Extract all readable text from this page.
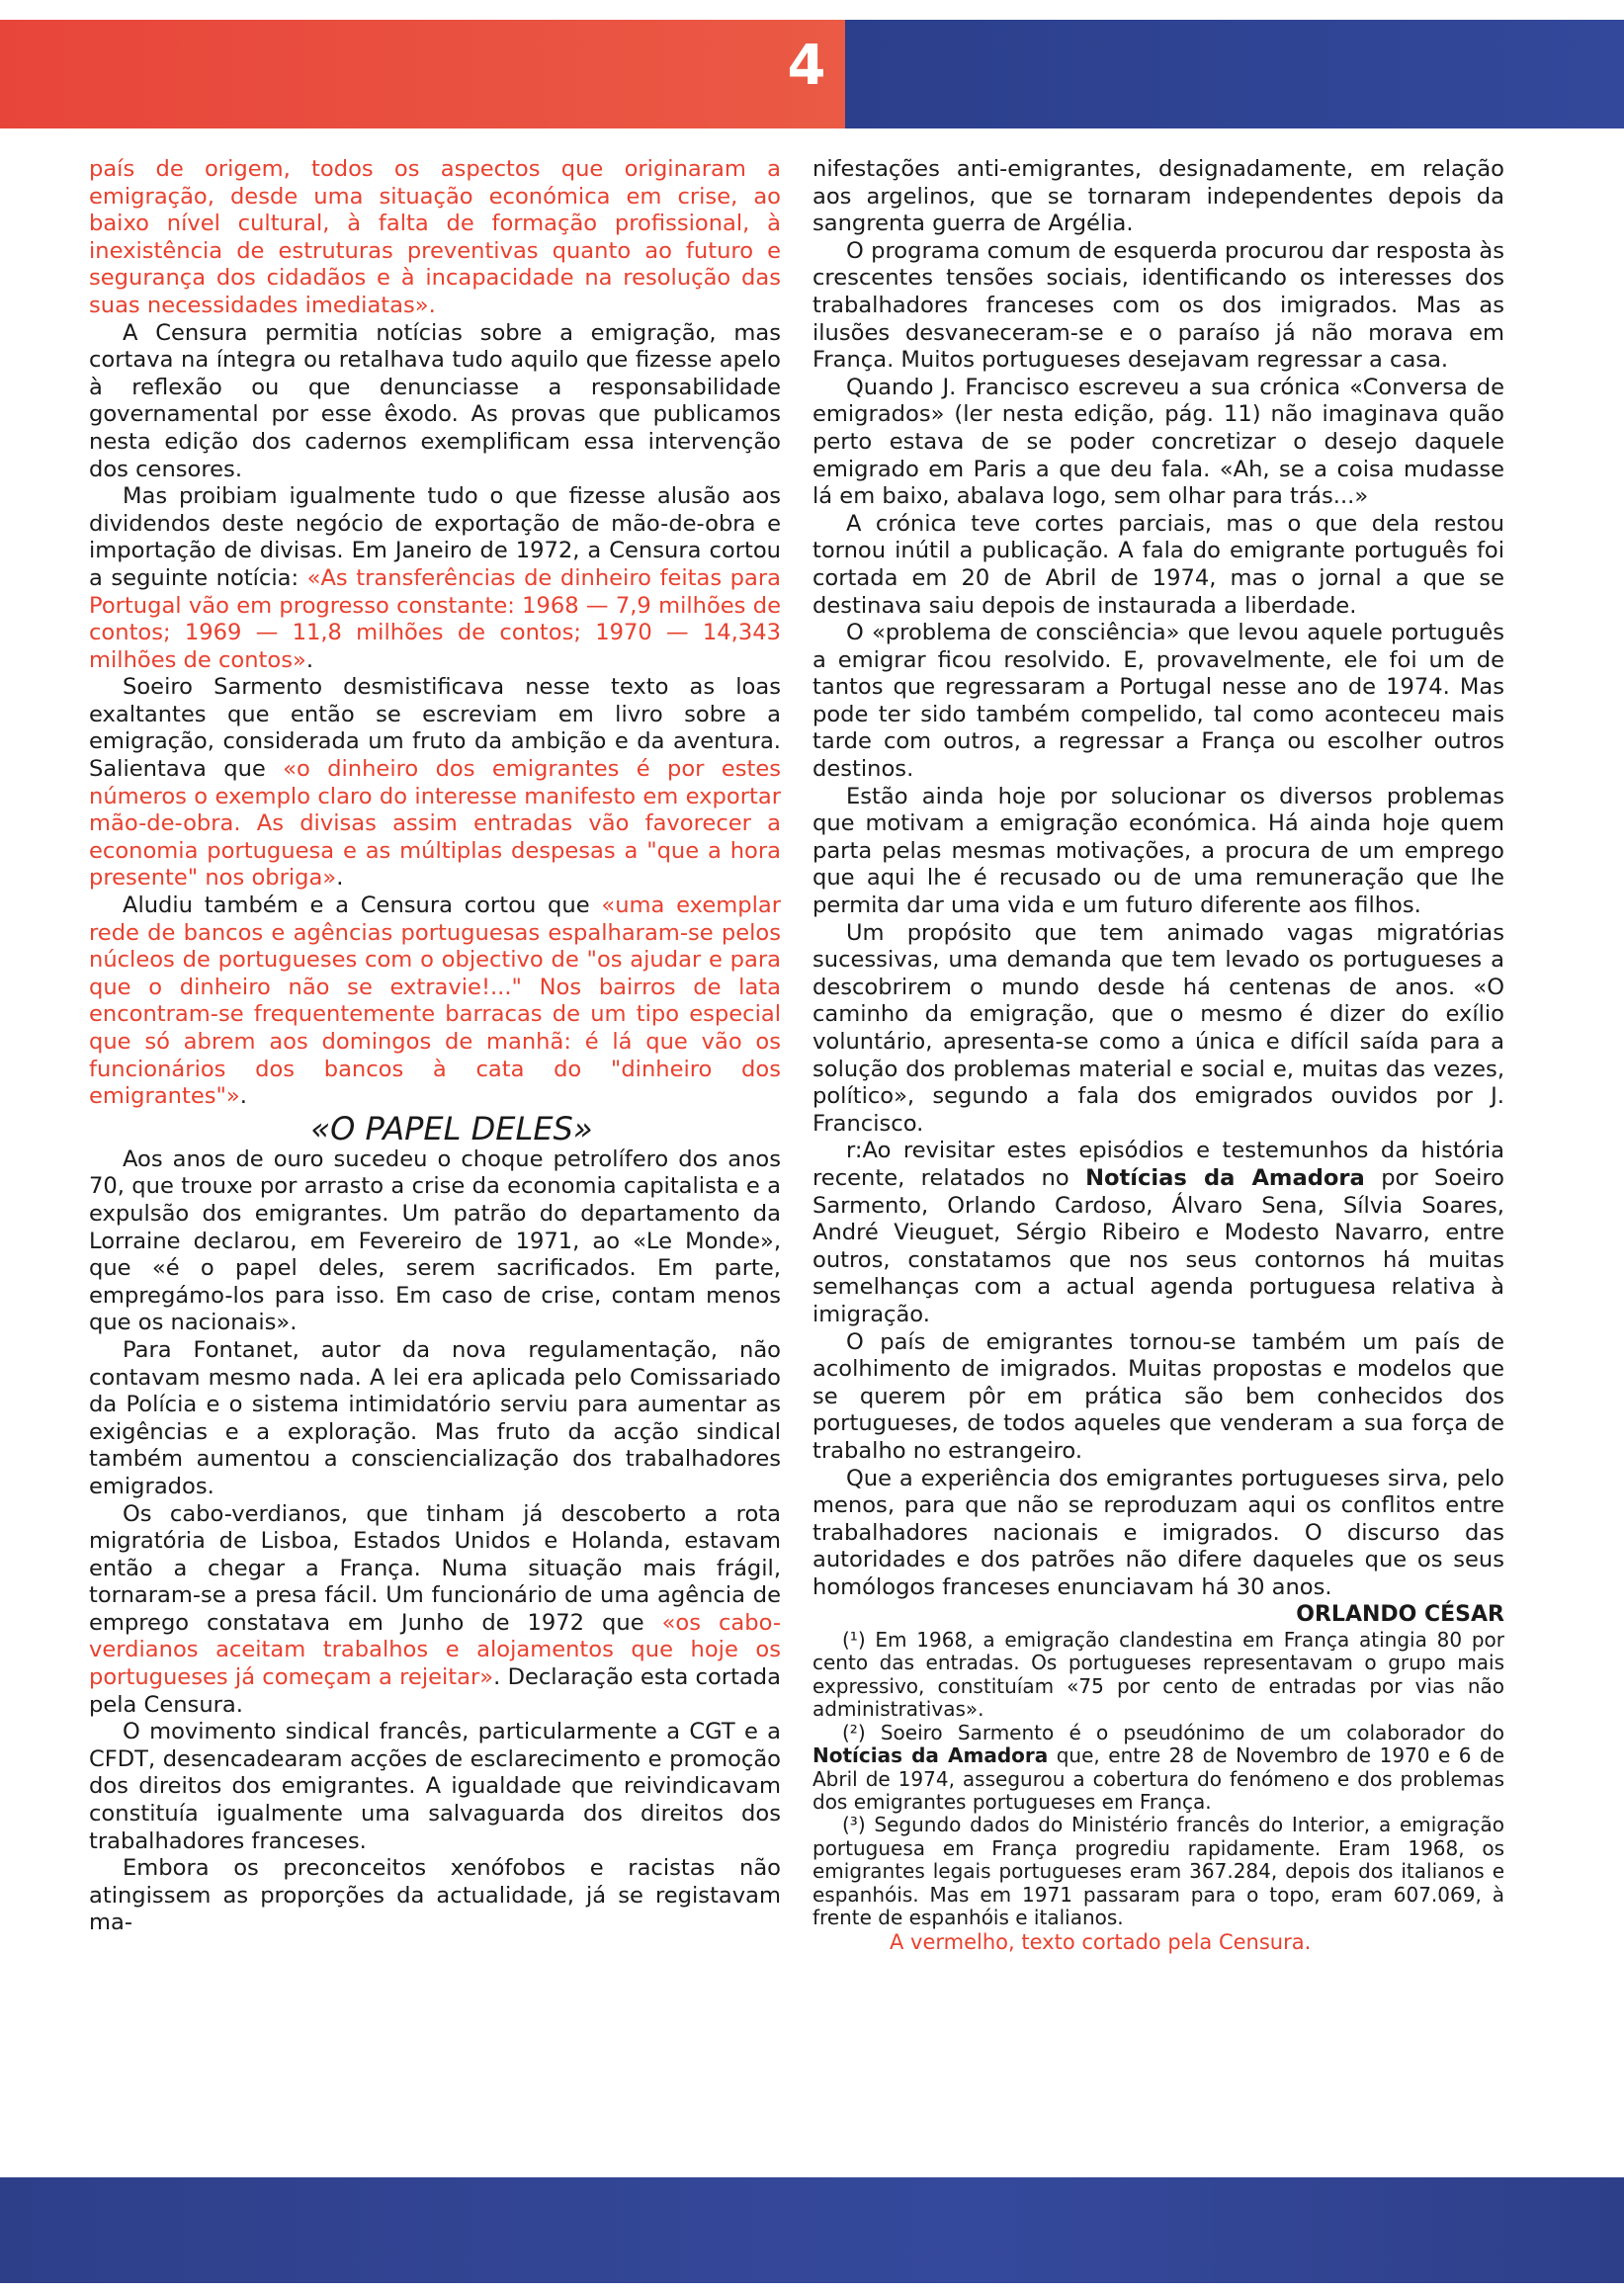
4

país de origem, todos os aspectos que originaram a emigração, desde uma situação económica em crise, ao baixo nível cultural, à falta de formação profissional, à inexistência de estruturas preventivas quanto ao futuro e segurança dos cidadãos e à incapacidade na resolução das suas necessidades imediatas».

A Censura permitia notícias sobre a emigração, mas cortava na íntegra ou retalhava tudo aquilo que fizesse apelo à reflexão ou que denunciasse a responsabilidade governamental por esse êxodo. As provas que publicamos nesta edição dos cadernos exemplificam essa intervenção dos censores.

Mas proibiam igualmente tudo o que fizesse alusão aos dividendos deste negócio de exportação de mão-de-obra e importação de divisas. Em Janeiro de 1972, a Censura cortou a seguinte notícia: «As transferências de dinheiro feitas para Portugal vão em progresso constante: 1968 — 7,9 milhões de contos; 1969 — 11,8 milhões de contos; 1970 — 14,343 milhões de contos».

Soeiro Sarmento desmistificava nesse texto as loas exaltantes que então se escreviam em livro sobre a emigração, considerada um fruto da ambição e da aventura. Salientava que «o dinheiro dos emigrantes é por estes números o exemplo claro do interesse manifesto em exportar mão-de-obra. As divisas assim entradas vão favorecer a economia portuguesa e as múltiplas despesas a "que a hora presente" nos obriga».

Aludiu também e a Censura cortou que «uma exemplar rede de bancos e agências portuguesas espalharam-se pelos núcleos de portugueses com o objectivo de "os ajudar e para que o dinheiro não se extravie!..." Nos bairros de lata encontram-se frequentemente barracas de um tipo especial que só abrem aos domingos de manhã: é lá que vão os funcionários dos bancos à cata do "dinheiro dos emigrantes"».

«O PAPEL DELES»

Aos anos de ouro sucedeu o choque petrolífero dos anos 70, que trouxe por arrasto a crise da economia capitalista e a expulsão dos emigrantes. Um patrão do departamento da Lorraine declarou, em Fevereiro de 1971, ao «Le Monde», que «é o papel deles, serem sacrificados. Em parte, empregámo-los para isso. Em caso de crise, contam menos que os nacionais».

Para Fontanet, autor da nova regulamentação, não contavam mesmo nada. A lei era aplicada pelo Comissariado da Polícia e o sistema intimidatório serviu para aumentar as exigências e a exploração. Mas fruto da acção sindical também aumentou a consciencialização dos trabalhadores emigrados.

Os cabo-verdianos, que tinham já descoberto a rota migratória de Lisboa, Estados Unidos e Holanda, estavam então a chegar a França. Numa situação mais frágil, tornaram-se a presa fácil. Um funcionário de uma agência de emprego constatava em Junho de 1972 que «os cabo-verdianos aceitam trabalhos e alojamentos que hoje os portugueses já começam a rejeitar». Declaração esta cortada pela Censura.

O movimento sindical francês, particularmente a CGT e a CFDT, desencadearam acções de esclarecimento e promoção dos direitos dos emigrantes. A igualdade que reivindicavam constituía igualmente uma salvaguarda dos direitos dos trabalhadores franceses.

Embora os preconceitos xenófobos e racistas não atingissem as proporções da actualidade, já se registavam ma-

nifestações anti-emigrantes, designadamente, em relação aos argelinos, que se tornaram independentes depois da sangrenta guerra de Argélia.

O programa comum de esquerda procurou dar resposta às crescentes tensões sociais, identificando os interesses dos trabalhadores franceses com os dos imigrados. Mas as ilusões desvaneceram-se e o paraíso já não morava em França. Muitos portugueses desejavam regressar a casa.

Quando J. Francisco escreveu a sua crónica «Conversa de emigrados» (ler nesta edição, pág. 11) não imaginava quão perto estava de se poder concretizar o desejo daquele emigrado em Paris a que deu fala. «Ah, se a coisa mudasse lá em baixo, abalava logo, sem olhar para trás...»

A crónica teve cortes parciais, mas o que dela restou tornou inútil a publicação. A fala do emigrante português foi cortada em 20 de Abril de 1974, mas o jornal a que se destinava saiu depois de instaurada a liberdade.

O «problema de consciência» que levou aquele português a emigrar ficou resolvido. E, provavelmente, ele foi um de tantos que regressaram a Portugal nesse ano de 1974. Mas pode ter sido também compelido, tal como aconteceu mais tarde com outros, a regressar a França ou escolher outros destinos.

Estão ainda hoje por solucionar os diversos problemas que motivam a emigração económica. Há ainda hoje quem parta pelas mesmas motivações, a procura de um emprego que aqui lhe é recusado ou de uma remuneração que lhe permita dar uma vida e um futuro diferente aos filhos.

Um propósito que tem animado vagas migratórias sucessivas, uma demanda que tem levado os portugueses a descobrirem o mundo desde há centenas de anos. «O caminho da emigração, que o mesmo é dizer do exílio voluntário, apresenta-se como a única e difícil saída para a solução dos problemas material e social e, muitas das vezes, político», segundo a fala dos emigrados ouvidos por J. Francisco.

r:Ao revisitar estes episódios e testemunhos da história recente, relatados no Notícias da Amadora por Soeiro Sarmento, Orlando Cardoso, Álvaro Sena, Sílvia Soares, André Vieuguet, Sérgio Ribeiro e Modesto Navarro, entre outros, constatamos que nos seus contornos há muitas semelhanças com a actual agenda portuguesa relativa à imigração.

O país de emigrantes tornou-se também um país de acolhimento de imigrados. Muitas propostas e modelos que se querem pôr em prática são bem conhecidos dos portugueses, de todos aqueles que venderam a sua força de trabalho no estrangeiro.

Que a experiência dos emigrantes portugueses sirva, pelo menos, para que não se reproduzam aqui os conflitos entre trabalhadores nacionais e imigrados. O discurso das autoridades e dos patrões não difere daqueles que os seus homólogos franceses enunciavam há 30 anos.

ORLANDO CÉSAR

(¹) Em 1968, a emigração clandestina em França atingia 80 por cento das entradas. Os portugueses representavam o grupo mais expressivo, constituíam «75 por cento de entradas por vias não administrativas».

(²) Soeiro Sarmento é o pseudónimo de um colaborador do Notícias da Amadora que, entre 28 de Novembro de 1970 e 6 de Abril de 1974, assegurou a cobertura do fenómeno e dos problemas dos emigrantes portugueses em França.

(³) Segundo dados do Ministério francês do Interior, a emigração portuguesa em França progrediu rapidamente. Eram 1968, os emigrantes legais portugueses eram 367.284, depois dos italianos e espanhóis. Mas em 1971 passaram para o topo, eram 607.069, à frente de espanhóis e italianos.

A vermelho, texto cortado pela Censura.
